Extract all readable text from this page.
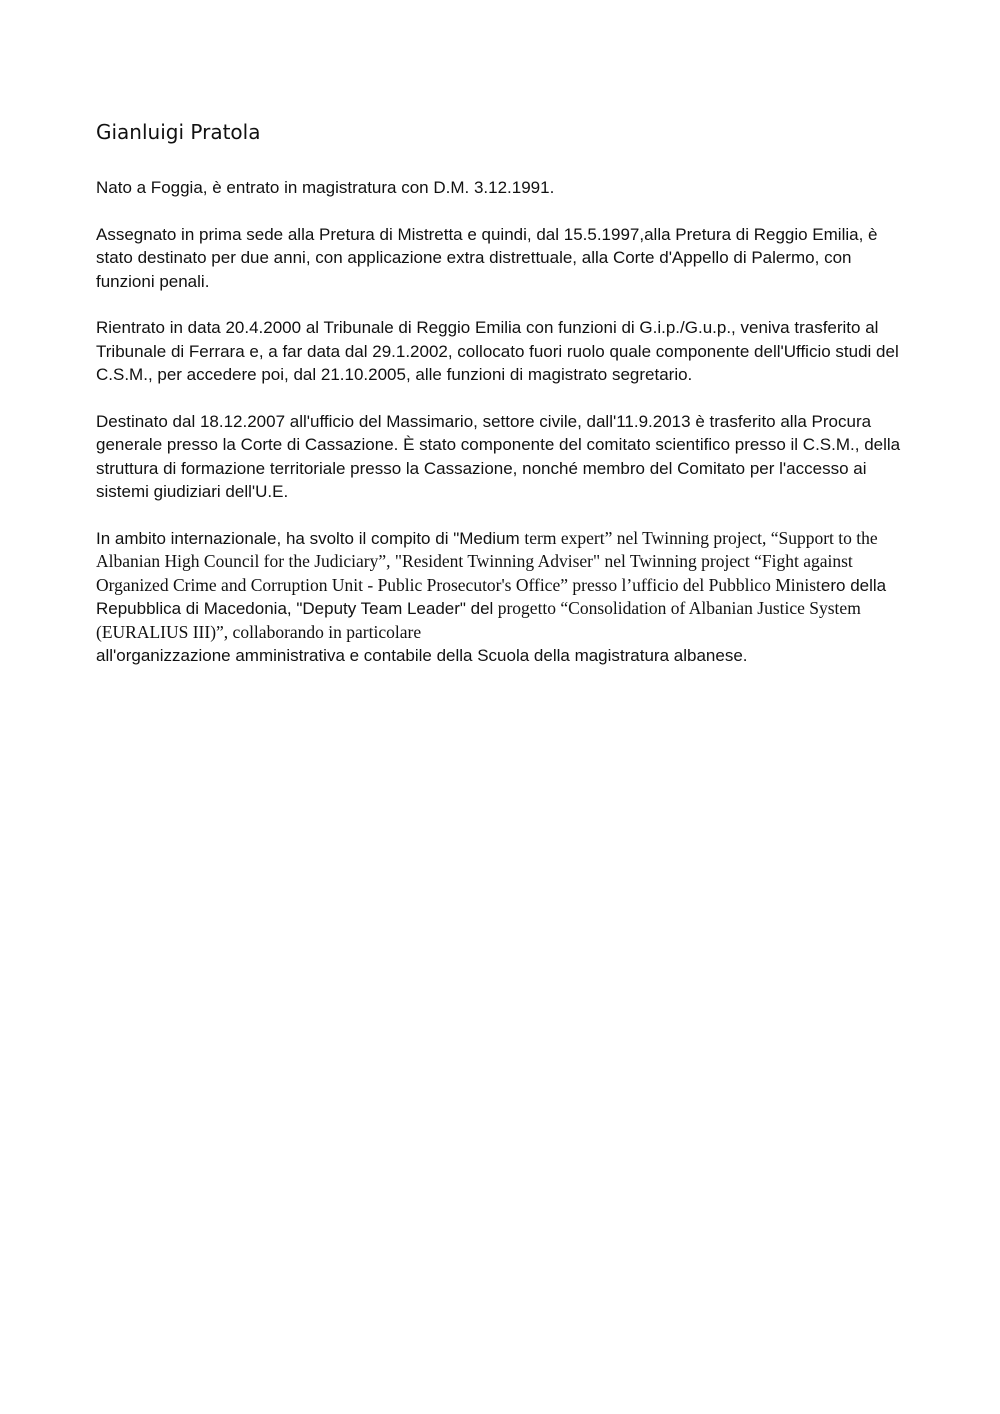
Gianluigi Pratola

Nato a Foggia, è entrato in magistratura con D.M. 3.12.1991.

Assegnato in prima sede alla Pretura di Mistretta e quindi, dal 15.5.1997,alla Pretura di Reggio Emilia, è stato destinato per due anni, con applicazione extra distrettuale, alla Corte d'Appello di Palermo, con funzioni penali.

Rientrato in data 20.4.2000 al Tribunale di Reggio Emilia con funzioni di G.i.p./G.u.p., veniva trasferito al Tribunale di Ferrara e, a far data dal 29.1.2002, collocato fuori ruolo quale componente dell'Ufficio studi del C.S.M., per accedere poi, dal 21.10.2005, alle funzioni di magistrato segretario.

Destinato dal 18.12.2007 all'ufficio del Massimario, settore civile, dall'11.9.2013 è trasferito alla Procura generale presso la Corte di Cassazione. È stato componente del comitato scientifico presso il C.S.M., della struttura di formazione territoriale presso la Cassazione, nonché membro del Comitato per l'accesso ai sistemi giudiziari dell'U.E.

In ambito internazionale, ha svolto il compito di "Medium term expert” nel Twinning project, “Support to the Albanian High Council for the Judiciary”, "Resident Twinning Adviser" nel Twinning project “Fight against Organized Crime and Corruption Unit - Public Prosecutor's Office” presso l’ufficio del Pubblico Ministero della Repubblica di Macedonia, "Deputy Team Leader" del progetto “Consolidation of Albanian Justice System (EURALIUS III)”, collaborando in particolare
all'organizzazione amministrativa e contabile della Scuola della magistratura albanese.
